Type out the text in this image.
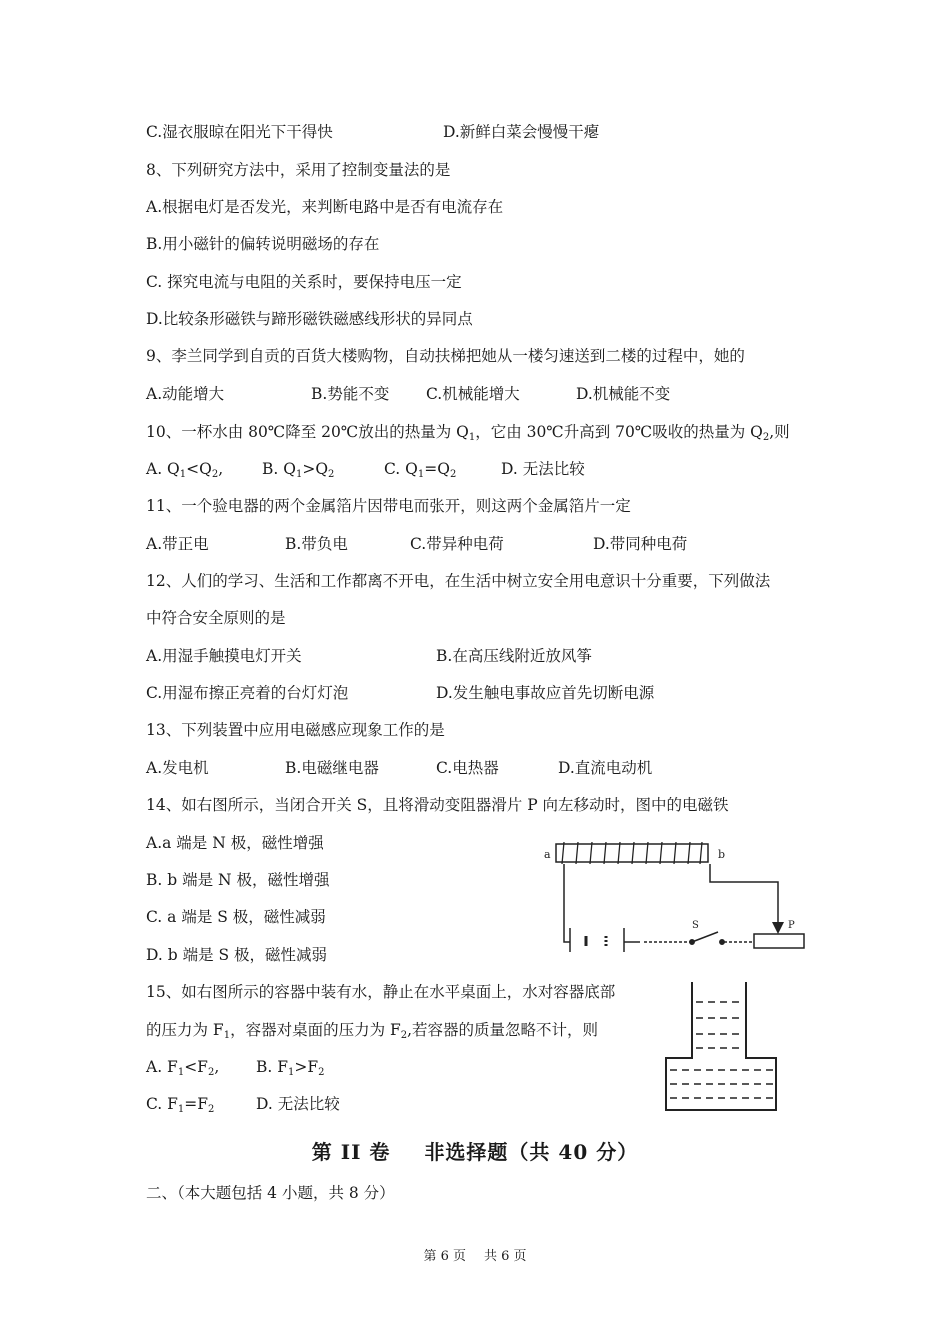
C.湿衣服晾在阳光下干得快	D.新鲜白菜会慢慢干瘪
8、下列研究方法中，采用了控制变量法的是
A.根据电灯是否发光，来判断电路中是否有电流存在
B.用小磁针的偏转说明磁场的存在
C. 探究电流与电阻的关系时，要保持电压一定
D.比较条形磁铁与蹄形磁铁磁感线形状的异同点
9、李兰同学到自贡的百货大楼购物，自动扶梯把她从一楼匀速送到二楼的过程中，她的
A.动能增大	B.势能不变 C.机械能增大	D.机械能不变
10、一杯水由 80℃降至 20℃放出的热量为 $Q_1$，它由 30℃升高到 70℃吸收的热量为 $Q_2$,则
A. $Q_1<Q_2$,	B. $Q_1>Q_2$	C. $Q_1=Q_2$	D. 无法比较
11、一个验电器的两个金属箔片因带电而张开，则这两个金属箔片一定
A.带正电	B.带负电	C.带异种电荷	D.带同种电荷
12、人们的学习、生活和工作都离不开电，在生活中树立安全用电意识十分重要，下列做法
中符合安全原则的是
A.用湿手触摸电灯开关	B.在高压线附近放风筝
C.用湿布擦正亮着的台灯灯泡	D.发生触电事故应首先切断电源
13、下列装置中应用电磁感应现象工作的是
A.发电机	B.电磁继电器	C.电热器	D.直流电动机
14、如右图所示，当闭合开关 S，且将滑动变阻器滑片 P 向左移动时，图中的电磁铁
A.a 端是 N 极，磁性增强
B. b 端是 N 极，磁性增强
C. a 端是 S 极，磁性减弱
D. b 端是 S 极，磁性减弱
a	b
S	P
15、如右图所示的容器中装有水，静止在水平桌面上，水对容器底部
的压力为 $F_1$，容器对桌面的压力为 $F_2$,若容器的质量忽略不计，则
A. $F_1<F_2$, B. $F_1>F_2$
C. $F_1=F_2$	D. 无法比较
第 II 卷 非选择题（共 40 分）
二、（本大题包括 4 小题，共 8 分）
第 6 页 共 6 页
